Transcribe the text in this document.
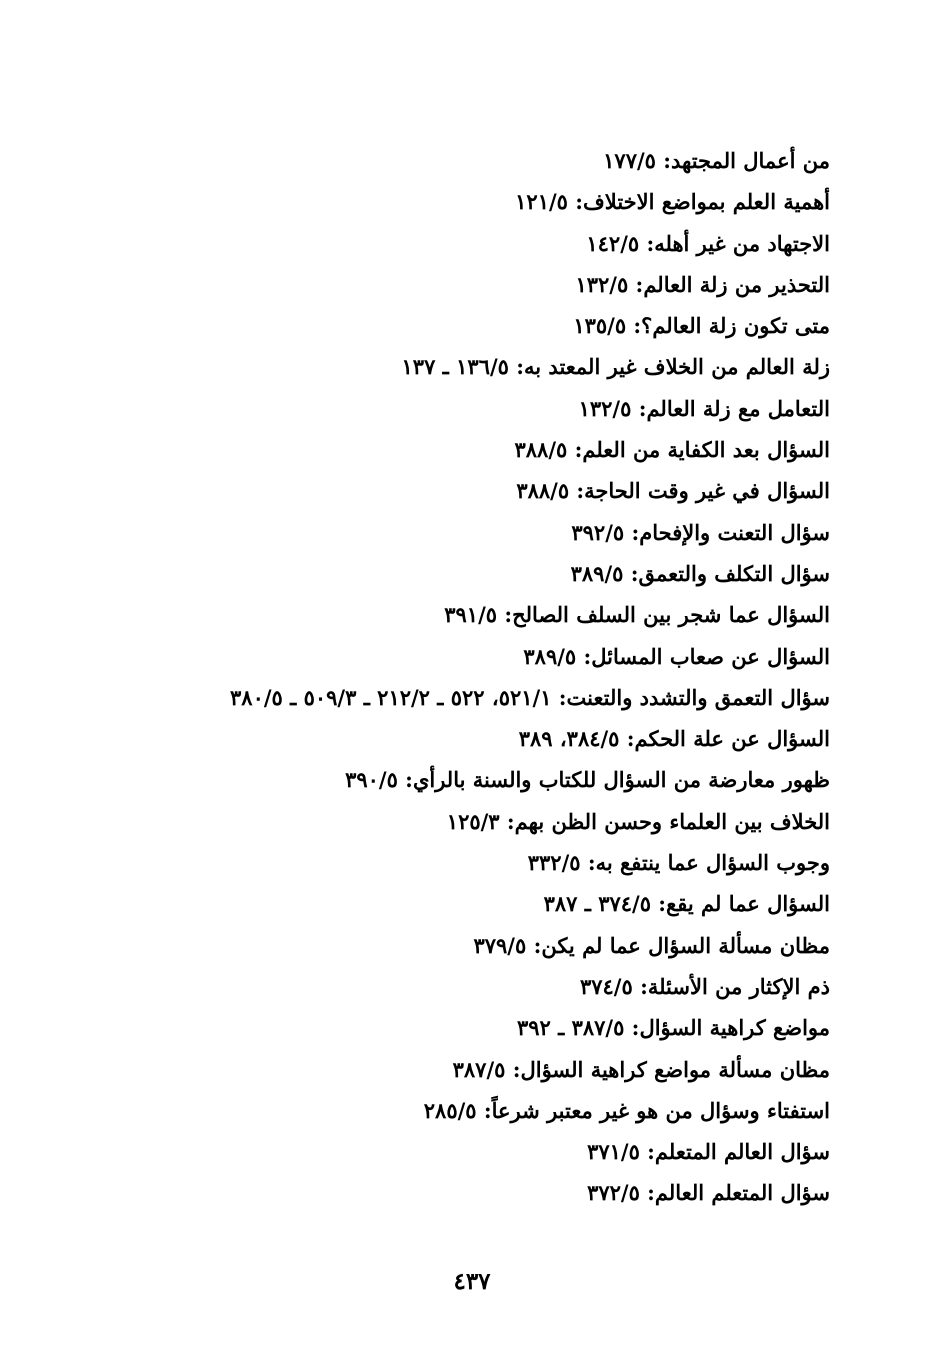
من أعمال المجتهد: ١٧٧/٥
أهمية العلم بمواضع الاختلاف: ١٢١/٥
الاجتهاد من غير أهله: ١٤٢/٥
التحذير من زلة العالم: ١٣٢/٥
متى تكون زلة العالم؟: ١٣٥/٥
زلة العالم من الخلاف غير المعتد به: ١٣٦/٥ ـ ١٣٧
التعامل مع زلة العالم: ١٣٢/٥
السؤال بعد الكفاية من العلم: ٣٨٨/٥
السؤال في غير وقت الحاجة: ٣٨٨/٥
سؤال التعنت والإفحام: ٣٩٢/٥
سؤال التكلف والتعمق: ٣٨٩/٥
السؤال عما شجر بين السلف الصالح: ٣٩١/٥
السؤال عن صعاب المسائل: ٣٨٩/٥
سؤال التعمق والتشدد والتعنت: ٥٢١/١، ٥٢٢ ـ ٢١٢/٢ ـ ٥٠٩/٣ ـ ٣٨٠/٥
السؤال عن علة الحكم: ٣٨٤/٥، ٣٨٩
ظهور معارضة من السؤال للكتاب والسنة بالرأي: ٣٩٠/٥
الخلاف بين العلماء وحسن الظن بهم: ١٢٥/٣
وجوب السؤال عما ينتفع به: ٣٣٢/٥
السؤال عما لم يقع: ٣٧٤/٥ ـ ٣٨٧
مظان مسألة السؤال عما لم يكن: ٣٧٩/٥
ذم الإكثار من الأسئلة: ٣٧٤/٥
مواضع كراهية السؤال: ٣٨٧/٥ ـ ٣٩٢
مظان مسألة مواضع كراهية السؤال: ٣٨٧/٥
استفتاء وسؤال من هو غير معتبر شرعاً: ٢٨٥/٥
سؤال العالم المتعلم: ٣٧١/٥
سؤال المتعلم العالم: ٣٧٢/٥
٤٣٧
